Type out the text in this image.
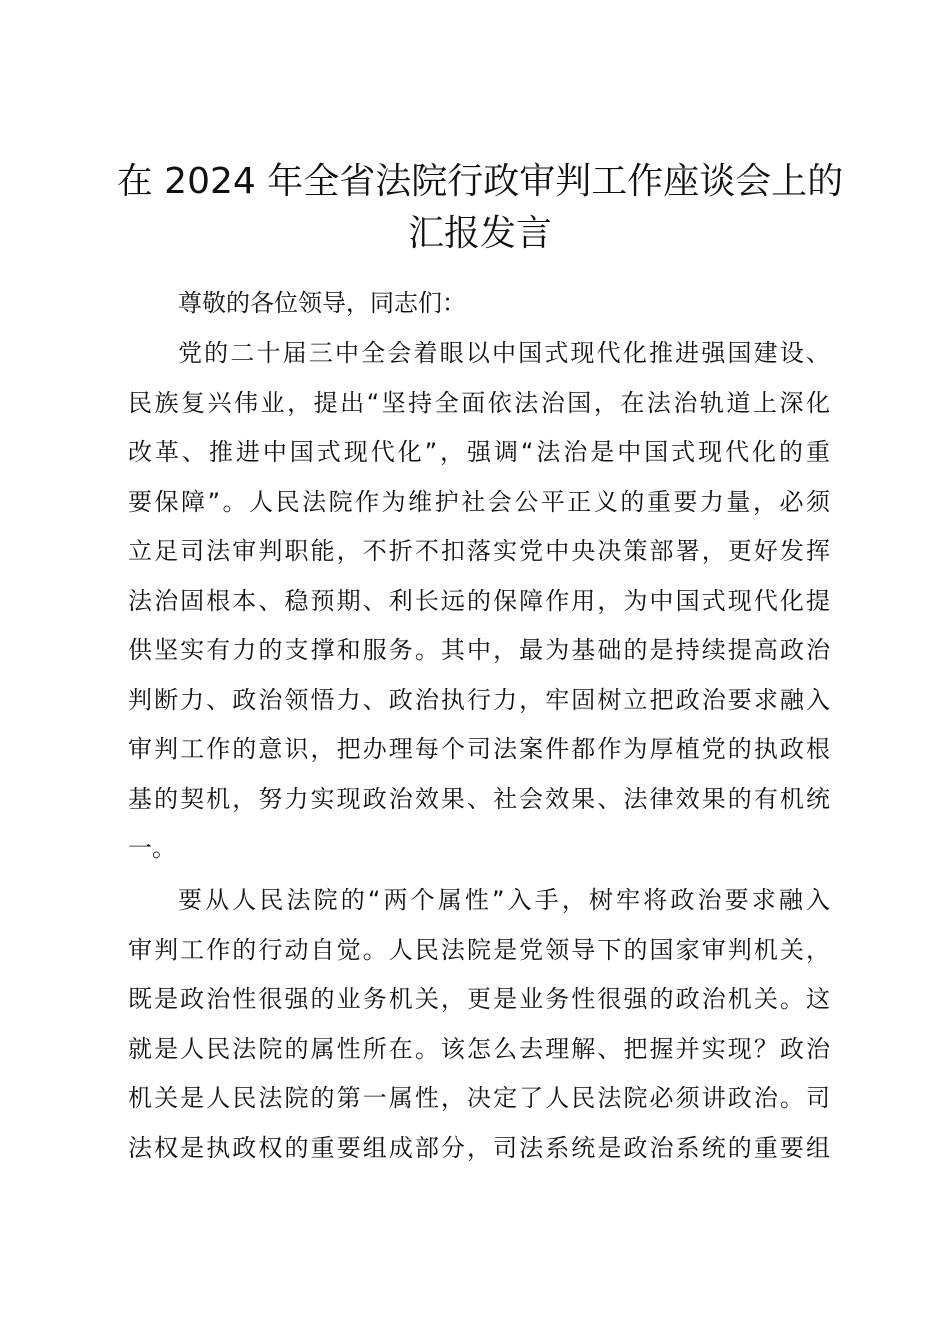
在 2024 年全省法院行政审判工作座谈会上的
汇报发言
尊敬的各位领导，同志们：
党的二十届三中全会着眼以中国式现代化推进强国建设、
民族复兴伟业，提出“坚持全面依法治国，在法治轨道上深化
改革、推进中国式现代化”，强调“法治是中国式现代化的重
要保障”。人民法院作为维护社会公平正义的重要力量，必须
立足司法审判职能，不折不扣落实党中央决策部署，更好发挥
法治固根本、稳预期、利长远的保障作用，为中国式现代化提
供坚实有力的支撑和服务。其中，最为基础的是持续提高政治
判断力、政治领悟力、政治执行力，牢固树立把政治要求融入
审判工作的意识，把办理每个司法案件都作为厚植党的执政根
基的契机，努力实现政治效果、社会效果、法律效果的有机统
一。
要从人民法院的“两个属性”入手，树牢将政治要求融入
审判工作的行动自觉。人民法院是党领导下的国家审判机关，
既是政治性很强的业务机关，更是业务性很强的政治机关。这
就是人民法院的属性所在。该怎么去理解、把握并实现？政治
机关是人民法院的第一属性，决定了人民法院必须讲政治。司
法权是执政权的重要组成部分，司法系统是政治系统的重要组
